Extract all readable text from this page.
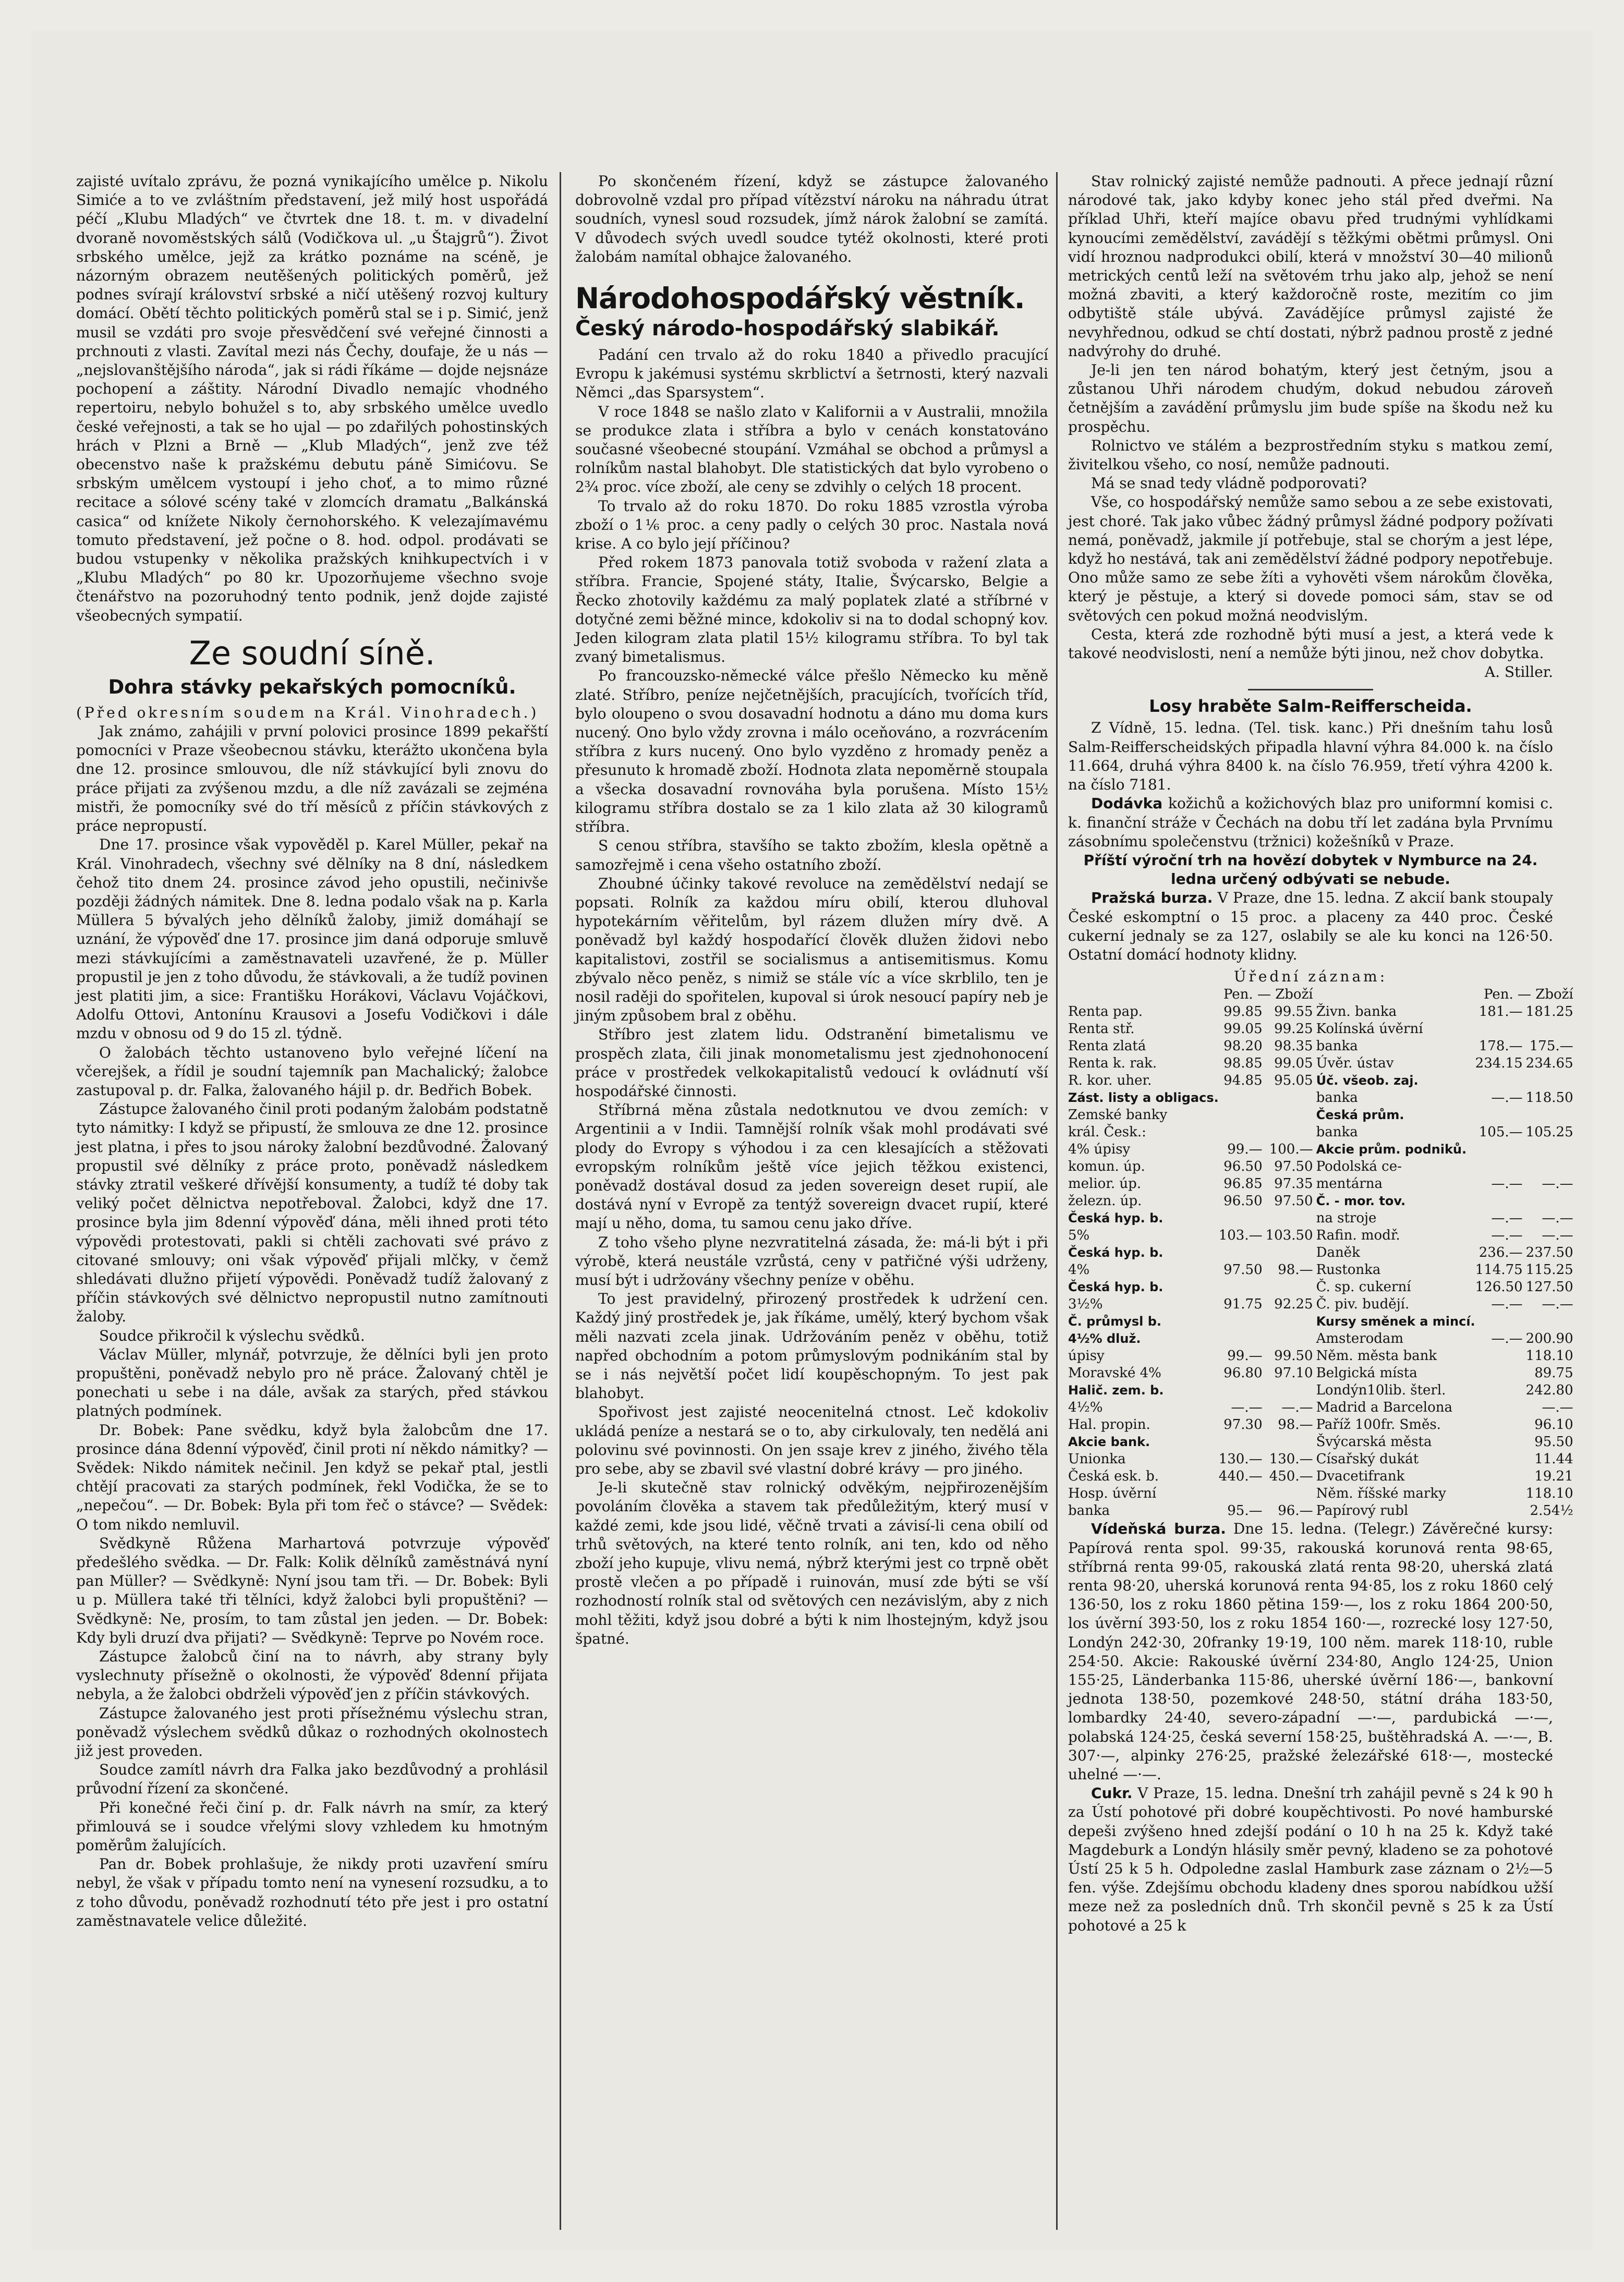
zajisté uvítalo zprávu, že pozná vynikajícího umělce p. Nikolu Simiće a to ve zvláštním představení, jež milý host uspořádá péčí „Klubu Mladých“ ve čtvrtek dne 18. t. m. v divadelní dvoraně novoměstských sálů (Vodičkova ul. „u Štajgrů“). Život srbského umělce, jejž za krátko poznáme na scéně, je názorným obrazem neutěšených politických poměrů, jež podnes svírají království srbské a ničí utěšený rozvoj kultury domácí. Obětí těchto politických poměrů stal se i p. Simić, jenž musil se vzdáti pro svoje přesvědčení své veřejné činnosti a prchnouti z vlasti. Zavítal mezi nás Čechy, doufaje, že u nás — „nejslovanštějšího národa“, jak si rádi říkáme — dojde nejsnáze pochopení a záštity. Národní Divadlo nemajíc vhodného repertoiru, nebylo bohužel s to, aby srbského umělce uvedlo české veřejnosti, a tak se ho ujal — po zdařilých pohostinských hrách v Plzni a Brně — „Klub Mladých“, jenž zve též obecenstvo naše k pražskému debutu páně Simićovu. Se srbským umělcem vystoupí i jeho choť, a to mimo různé recitace a sólové scény také v zlomcích dramatu „Balkánská casica“ od knížete Nikoly černohorského. K velezajímavému tomuto představení, jež počne o 8. hod. odpol. prodávati se budou vstupenky v několika pražských knihkupectvích i v „Klubu Mladých“ po 80 kr. Upozorňujeme všechno svoje čtenářstvo na pozoruhodný tento podnik, jenž dojde zajisté všeobecných sympatií.

Ze soudní síně.
Dohra stávky pekařských pomocníků.

(Před okresním soudem na Král. Vinohradech.)

Jak známo, zahájili v první polovici prosince 1899 pekařští pomocníci v Praze všeobecnou stávku, kterážto ukončena byla dne 12. prosince smlouvou, dle níž stávkující byli znovu do práce přijati za zvýšenou mzdu, a dle níž zavázali se zejména mistři, že pomocníky své do tří měsíců z příčin stávkových z práce nepropustí.

Dne 17. prosince však vypověděl p. Karel Müller, pekař na Král. Vinohradech, všechny své dělníky na 8 dní, následkem čehož tito dnem 24. prosince závod jeho opustili, nečinivše později žádných námitek. Dne 8. ledna podalo však na p. Karla Müllera 5 bývalých jeho dělníků žaloby, jimiž domáhají se uznání, že výpověď dne 17. prosince jim daná odporuje smluvě mezi stávkujícími a zaměstnavateli uzavřené, že p. Müller propustil je jen z toho důvodu, že stávkovali, a že tudíž povinen jest platiti jim, a sice: Františku Horákovi, Václavu Vojáčkovi, Adolfu Ottovi, Antonínu Krausovi a Josefu Vodičkovi i dále mzdu v obnosu od 9 do 15 zl. týdně.

O žalobách těchto ustanoveno bylo veřejné líčení na včerejšek, a řídil je soudní tajemník pan Machalický; žalobce zastupoval p. dr. Falka, žalovaného hájil p. dr. Bedřich Bobek.

Zástupce žalovaného činil proti podaným žalobám podstatně tyto námitky: I když se připustí, že smlouva ze dne 12. prosince jest platna, i přes to jsou nároky žalobní bezdůvodné. Žalovaný propustil své dělníky z práce proto, poněvadž následkem stávky ztratil veškeré dřívější konsumenty, a tudíž té doby tak veliký počet dělnictva nepotřeboval. Žalobci, když dne 17. prosince byla jim 8denní výpověď dána, měli ihned proti této výpovědi protestovati, pakli si chtěli zachovati své právo z citované smlouvy; oni však výpověď přijali mlčky, v čemž shledávati dlužno přijetí výpovědi. Poněvadž tudíž žalovaný z příčin stávkových své dělnictvo nepropustil nutno zamítnouti žaloby.

Soudce přikročil k výslechu svědků.

Václav Müller, mlynář, potvrzuje, že dělníci byli jen proto propuštěni, poněvadž nebylo pro ně práce. Žalovaný chtěl je ponechati u sebe i na dále, avšak za starých, před stávkou platných podmínek.

Dr. Bobek: Pane svědku, když byla žalobcům dne 17. prosince dána 8denní výpověď, činil proti ní někdo námitky? — Svědek: Nikdo námitek nečinil. Jen když se pekař ptal, jestli chtějí pracovati za starých podmínek, řekl Vodička, že se to „nepečou“. — Dr. Bobek: Byla při tom řeč o stávce? — Svědek: O tom nikdo nemluvil.

Svědkyně Růžena Marhartová potvrzuje výpověď předešlého svědka. — Dr. Falk: Kolik dělníků zaměstnává nyní pan Müller? — Svědkyně: Nyní jsou tam tři. — Dr. Bobek: Byli u p. Müllera také tři tělníci, když žalobci byli propuštěni? — Svědkyně: Ne, prosím, to tam zůstal jen jeden. — Dr. Bobek: Kdy byli druzí dva přijati? — Svědkyně: Teprve po Novém roce.

Zástupce žalobců činí na to návrh, aby strany byly vyslechnuty přísežně o okolnosti, že výpověď 8denní přijata nebyla, a že žalobci obdrželi výpověď jen z příčin stávkových.

Zástupce žalovaného jest proti přísežnému výslechu stran, poněvadž výslechem svědků důkaz o rozhodných okolnostech již jest proveden.

Soudce zamítl návrh dra Falka jako bezdůvodný a prohlásil průvodní řízení za skončené.

Při konečné řeči činí p. dr. Falk návrh na smír, za který přimlouvá se i soudce vřelými slovy vzhledem ku hmotným poměrům žalujících.

Pan dr. Bobek prohlašuje, že nikdy proti uzavření smíru nebyl, že však v případu tomto není na vynesení rozsudku, a to z toho důvodu, poněvadž rozhodnutí této pře jest i pro ostatní zaměstnavatele velice důležité.

Po skončeném řízení, když se zástupce žalovaného dobrovolně vzdal pro případ vítězství nároku na náhradu útrat soudních, vynesl soud rozsudek, jímž nárok žalobní se zamítá. V důvodech svých uvedl soudce tytéž okolnosti, které proti žalobám namítal obhajce žalovaného.

Národohospodářský věstník.
Český národo-hospodářský slabikář.

Padání cen trvalo až do roku 1840 a přivedlo pracující Evropu k jakémusi systému skrblictví a šetrnosti, který nazvali Němci „das Sparsystem“.

V roce 1848 se našlo zlato v Kalifornii a v Australii, množila se produkce zlata i stříbra a bylo v cenách konstatováno současné všeobecné stoupání. Vzmáhal se obchod a průmysl a rolníkům nastal blahobyt. Dle statistických dat bylo vyrobeno o 2¾ proc. více zboží, ale ceny se zdvihly o celých 18 procent.

To trvalo až do roku 1870. Do roku 1885 vzrostla výroba zboží o 1⅙ proc. a ceny padly o celých 30 proc. Nastala nová krise. A co bylo její příčinou?

Před rokem 1873 panovala totiž svoboda v ražení zlata a stříbra. Francie, Spojené státy, Italie, Švýcarsko, Belgie a Řecko zhotovily každému za malý poplatek zlaté a stříbrné v dotyčné zemi běžné mince, kdokoliv si na to dodal schopný kov. Jeden kilogram zlata platil 15½ kilogramu stříbra. To byl tak zvaný bimetalismus.

Po francouzsko-německé válce přešlo Německo ku měně zlaté. Stříbro, peníze nejčetnějších, pracujících, tvořících tříd, bylo oloupeno o svou dosavadní hodnotu a dáno mu doma kurs nucený. Ono bylo vždy zrovna i málo oceňováno, a rozvrácením stříbra z kurs nucený. Ono bylo vyzděno z hromady peněz a přesunuto k hromadě zboží. Hodnota zlata nepoměrně stoupala a všecka dosavadní rovnováha byla porušena. Místo 15½ kilogramu stříbra dostalo se za 1 kilo zlata až 30 kilogramů stříbra.

S cenou stříbra, stavšího se takto zbožím, klesla opětně a samozřejmě i cena všeho ostatního zboží.

Zhoubné účinky takové revoluce na zemědělství nedají se popsati. Rolník za každou míru obilí, kterou dluhoval hypotekárním věřitelům, byl rázem dlužen míry dvě. A poněvadž byl každý hospodařící člověk dlužen židovi nebo kapitalistovi, zostřil se socialismus a antisemitismus. Komu zbývalo něco peněz, s nimiž se stále víc a více skrblilo, ten je nosil raději do spořitelen, kupoval si úrok nesoucí papíry neb je jiným způsobem bral z oběhu.

Stříbro jest zlatem lidu. Odstranění bimetalismu ve prospěch zlata, čili jinak monometalismu jest zjednohonocení práce v prostředek velkokapitalistů vedoucí k ovládnutí vší hospodářské činnosti.

Stříbrná měna zůstala nedotknutou ve dvou zemích: v Argentinii a v Indii. Tamnější rolník však mohl prodávati své plody do Evropy s výhodou i za cen klesajících a stěžovati evropským rolníkům ještě více jejich těžkou existenci, poněvadž dostával dosud za jeden sovereign deset rupií, ale dostává nyní v Evropě za tentýž sovereign dvacet rupií, které mají u něho, doma, tu samou cenu jako dříve.

Z toho všeho plyne nezvratitelná zásada, že: má-li být i při výrobě, která neustále vzrůstá, ceny v patřičné výši udrženy, musí být i udržovány všechny peníze v oběhu.

To jest pravidelný, přirozený prostředek k udržení cen. Každý jiný prostředek je, jak říkáme, umělý, který bychom však měli nazvati zcela jinak. Udržováním peněz v oběhu, totiž napřed obchodním a potom průmyslovým podnikáním stal by se i nás největší počet lidí koupěschopným. To jest pak blahobyt.

Spořivost jest zajisté neocenitelná ctnost. Leč kdokoliv ukládá peníze a nestará se o to, aby cirkulovaly, ten nedělá ani polovinu své povinnosti. On jen ssaje krev z jiného, živého těla pro sebe, aby se zbavil své vlastní dobré krávy — pro jiného.

Je-li skutečně stav rolnický odvěkým, nejpřirozenějším povoláním člověka a stavem tak předůležitým, který musí v každé zemi, kde jsou lidé, věčně trvati a závisí-li cena obilí od trhů světových, na které tento rolník, ani ten, kdo od něho zboží jeho kupuje, vlivu nemá, nýbrž kterými jest co trpně obět prostě vlečen a po případě i ruinován, musí zde býti se vší rozhodností rolník stal od světových cen nezávislým, aby z nich mohl těžiti, když jsou dobré a býti k nim lhostejným, když jsou špatné.

Stav rolnický zajisté nemůže padnouti. A přece jednají různí národové tak, jako kdyby konec jeho stál před dveřmi. Na příklad Uhři, kteří majíce obavu před trudnými vyhlídkami kynoucími zemědělství, zavádějí s těžkými obětmi průmysl. Oni vidí hroznou nadprodukci obilí, která v množství 30—40 milionů metrických centů leží na světovém trhu jako alp, jehož se není možná zbaviti, a který každoročně roste, mezitím co jim odbytiště stále ubývá. Zavádějíce průmysl zajisté že nevyhřednou, odkud se chtí dostati, nýbrž padnou prostě z jedné nadvýrohy do druhé.

Je-li jen ten národ bohatým, který jest četným, jsou a zůstanou Uhři národem chudým, dokud nebudou zároveň četnějším a zavádění průmyslu jim bude spíše na škodu než ku prospěchu.

Rolnictvo ve stálém a bezprostředním styku s matkou zemí, živitelkou všeho, co nosí, nemůže padnouti.

Má se snad tedy vládně podporovati?

Vše, co hospodářský nemůže samo sebou a ze sebe existovati, jest choré. Tak jako vůbec žádný průmysl žádné podpory požívati nemá, poněvadž, jakmile jí potřebuje, stal se chorým a jest lépe, když ho nestává, tak ani zemědělství žádné podpory nepotřebuje. Ono může samo ze sebe žíti a vyhověti všem nárokům člověka, který je pěstuje, a který si dovede pomoci sám, stav se od světových cen pokud možná neodvislým.

Cesta, která zde rozhodně býti musí a jest, a která vede k takové neodvislosti, není a nemůže býti jinou, než chov dobytka.

A. Stiller.

Losy hraběte Salm-Reifferscheida.

Z Vídně, 15. ledna. (Tel. tisk. kanc.) Při dnešním tahu losů Salm-Reifferscheidských připadla hlavní výhra 84.000 k. na číslo 11.664, druhá výhra 8400 k. na číslo 76.959, třetí výhra 4200 k. na číslo 7181.

Dodávka kožichů a kožichových blaz pro uniformní komisi c. k. finanční stráže v Čechách na dobu tří let zadána byla Prvnímu zásobnímu společenstvu (tržnici) kožešníků v Praze.

Příští výroční trh na hovězí dobytek v Nymburce na 24. ledna určený odbývati se nebude.

Pražská burza. V Praze, dne 15. ledna. Z akcií bank stoupaly České eskomptní o 15 proc. a placeny za 440 proc. České cukerní jednaly se za 127, oslabily se ale ku konci na 126·50. Ostatní domácí hodnoty klidny.

Úřední záznam:
Pen. — Zboží			Pen. — Zboží		
Renta pap.	99.85	99.55		Živn. banka	181.—	181.25
Renta stř.	99.05	99.25		Kolínská úvěrní		
Renta zlatá	98.20	98.35		banka	178.—	175.—
Renta k. rak.	98.85	99.05		Úvěr. ústav	234.15	234.65
R. kor. uher.	94.85	95.05		Úč. všeob. zaj.		
Zást. listy a obligacs.				banka	—.—	118.50
Zemské banky				Česká prům.		
král. Česk.:				banka	105.—	105.25
4% úpisy	99.—	100.—		Akcie prům. podniků.		
komun. úp.	96.50	97.50		Podolská ce-		
melior. úp.	96.85	97.35		mentárna	—.—	—.—
železn. úp.	96.50	97.50		Č. - mor. tov.		
Česká hyp. b.				na stroje	—.—	—.—
5%	103.—	103.50		Rafin. modř.	—.—	—.—
Česká hyp. b.				Daněk	236.—	237.50
4%	97.50	98.—		Rustonka	114.75	115.25
Česká hyp. b.				Č. sp. cukerní	126.50	127.50
3½%	91.75	92.25		Č. piv. budějí.	—.—	—.—
Č. průmysl b.				Kursy směnek a mincí.		
4½% dluž.				Amsterodam	—.—	200.90
úpisy	99.—	99.50		Něm. města bank		118.10
Moravské 4%	96.80	97.10		Belgická místa		89.75
Halič. zem. b.				Londýn10lib. šterl.		242.80
4½%	—.—	—.—		Madrid a Barcelona		—.—
Hal. propin.	97.30	98.—		Paříž 100fr. Směs.		96.10
Akcie bank.				Švýcarská města		95.50
Unionka	130.—	130.—		Císařský dukát		11.44
Česká esk. b.	440.—	450.—		Dvacetifrank		19.21
Hosp. úvěrní				Něm. říšské marky		118.10
banka	95.—	96.—		Papírový rubl		2.54½

Vídeňská burza. Dne 15. ledna. (Telegr.) Závěrečné kursy: Papírová renta spol. 99·35, rakouská korunová renta 98·65, stříbrná renta 99·05, rakouská zlatá renta 98·20, uherská zlatá renta 98·20, uherská korunová renta 94·85, los z roku 1860 celý 136·50, los z roku 1860 pětina 159·—, los z roku 1864 200·50, los úvěrní 393·50, los z roku 1854 160·—, rozrecké losy 127·50, Londýn 242·30, 20franky 19·19, 100 něm. marek 118·10, ruble 254·50. Akcie: Rakouské úvěrní 234·80, Anglo 124·25, Union 155·25, Länderbanka 115·86, uherské úvěrní 186·—, bankovní jednota 138·50, pozemkové 248·50, státní dráha 183·50, lombardky 24·40, severo-západní —·—, pardubická —·—, polabská 124·25, česká severní 158·25, buštěhradská A. —·—, B. 307·—, alpinky 276·25, pražské železářské 618·—, mostecké uhelné —·—.

Cukr. V Praze, 15. ledna. Dnešní trh zahájil pevně s 24 k 90 h za Ústí pohotové při dobré koupěchtivosti. Po nové hamburské depeši zvýšeno hned zdejší podání o 10 h na 25 k. Když také Magdeburk a Londýn hlásily směr pevný, kladeno se za pohotové Ústí 25 k 5 h. Odpoledne zaslal Hamburk zase záznam o 2½—5 fen. výše. Zdejšímu obchodu kladeny dnes sporou nabídkou užší meze než za posledních dnů. Trh skončil pevně s 25 k za Ústí pohotové a 25 k
